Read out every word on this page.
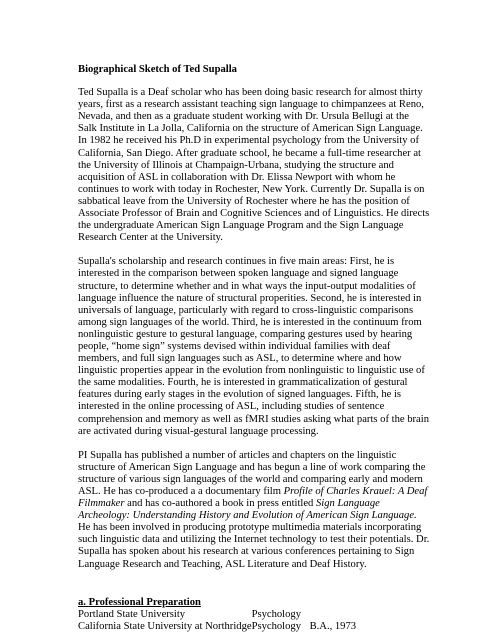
Biographical Sketch of Ted Supalla

Ted Supalla is a Deaf scholar who has been doing basic research for almost thirty years, first as a research assistant teaching sign language to chimpanzees at Reno, Nevada, and then as a graduate student working with Dr. Ursula Bellugi at the Salk Institute in La Jolla, California on the structure of American Sign Language. In 1982 he received his Ph.D in experimental psychology from the University of California, San Diego. After graduate school, he became a full-time researcher at the University of Illinois at Champaign-Urbana, studying the structure and acquisition of ASL in collaboration with Dr. Elissa Newport with whom he continues to work with today in Rochester, New York. Currently Dr. Supalla is on sabbatical leave from the University of Rochester where he has the position of Associate Professor of Brain and Cognitive Sciences and of Linguistics. He directs the undergraduate American Sign Language Program and the Sign Language Research Center at the University.

Supalla's scholarship and research continues in five main areas: First, he is interested in the comparison between spoken language and signed language structure, to determine whether and in what ways the input-output modalities of language influence the nature of structural properities. Second, he is interested in universals of language, particularly with regard to cross-linguistic comparisons among sign languages of the world. Third, he is interested in the continuum from nonlinguistic gesture to gestural language, comparing gestures used by hearing people, “home sign” systems devised within individual families with deaf members, and full sign languages such as ASL, to determine where and how linguistic properties appear in the evolution from nonlinguistic to linguistic use of the same modalities. Fourth, he is interested in grammaticalization of gestural features during early stages in the evolution of signed languages. Fifth, he is interested in the online processing of ASL, including studies of sentence comprehension and memory as well as fMRI studies asking what parts of the brain are activated during visual-gestural language processing.

PI Supalla has published a number of articles and chapters on the linguistic structure of American Sign Language and has begun a line of work comparing the structure of various sign languages of the world and comparing early and modern ASL. He has co-produced a a documentary film Profile of Charles Krauel: A Deaf Filmmaker and has co-authored a book in press entitled Sign Language Archeology: Understanding History and Evolution of American Sign Language. He has been involved in producing prototype multimedia materials incorporating such linguistic data and utilizing the Internet technology to test their potentials. Dr. Supalla has spoken about his research at various conferences pertaining to Sign Language Research and Teaching, ASL Literature and Deaf History.

a. Professional Preparation

Portland State University	Psychology	
California State University at Northridge	Psychology	B.A., 1973
